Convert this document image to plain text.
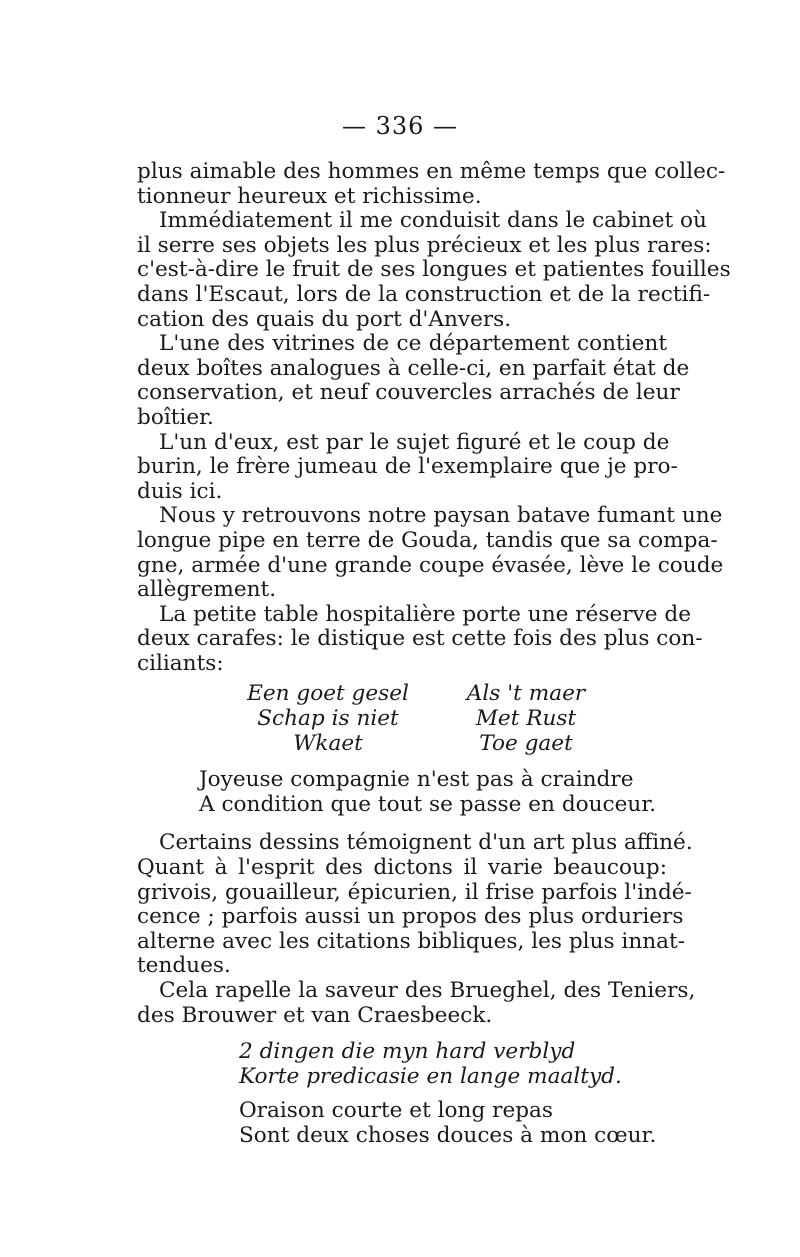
— 336 —
plus aimable des hommes en même temps que collec-
tionneur heureux et richissime.
Immédiatement il me conduisit dans le cabinet où
il serre ses objets les plus précieux et les plus rares:
c'est-à-dire le fruit de ses longues et patientes fouilles
dans l'Escaut, lors de la construction et de la rectifi-
cation des quais du port d'Anvers.
L'une des vitrines de ce département contient
deux boîtes analogues à celle-ci, en parfait état de
conservation, et neuf couvercles arrachés de leur
boîtier.
L'un d'eux, est par le sujet figuré et le coup de
burin, le frère jumeau de l'exemplaire que je pro-
duis ici.
Nous y retrouvons notre paysan batave fumant une
longue pipe en terre de Gouda, tandis que sa compa-
gne, armée d'une grande coupe évasée, lève le coude
allègrement.
La petite table hospitalière porte une réserve de
deux carafes: le distique est cette fois des plus con-
ciliants:
Een goet gesel	Als 't maer
Schap is niet	Met Rust
Wkaet	Toe gaet
Joyeuse compagnie n'est pas à craindre
A condition que tout se passe en douceur.
Certains dessins témoignent d'un art plus affiné.
Quant à l'esprit des dictons il varie beaucoup:
grivois, gouailleur, épicurien, il frise parfois l'indé-
cence ; parfois aussi un propos des plus orduriers
alterne avec les citations bibliques, les plus innat-
tendues.
Cela rapelle la saveur des Brueghel, des Teniers,
des Brouwer et van Craesbeeck.
2 dingen die myn hard verblyd
Korte predicasie en lange maaltyd.
Oraison courte et long repas
Sont deux choses douces à mon cœur.
